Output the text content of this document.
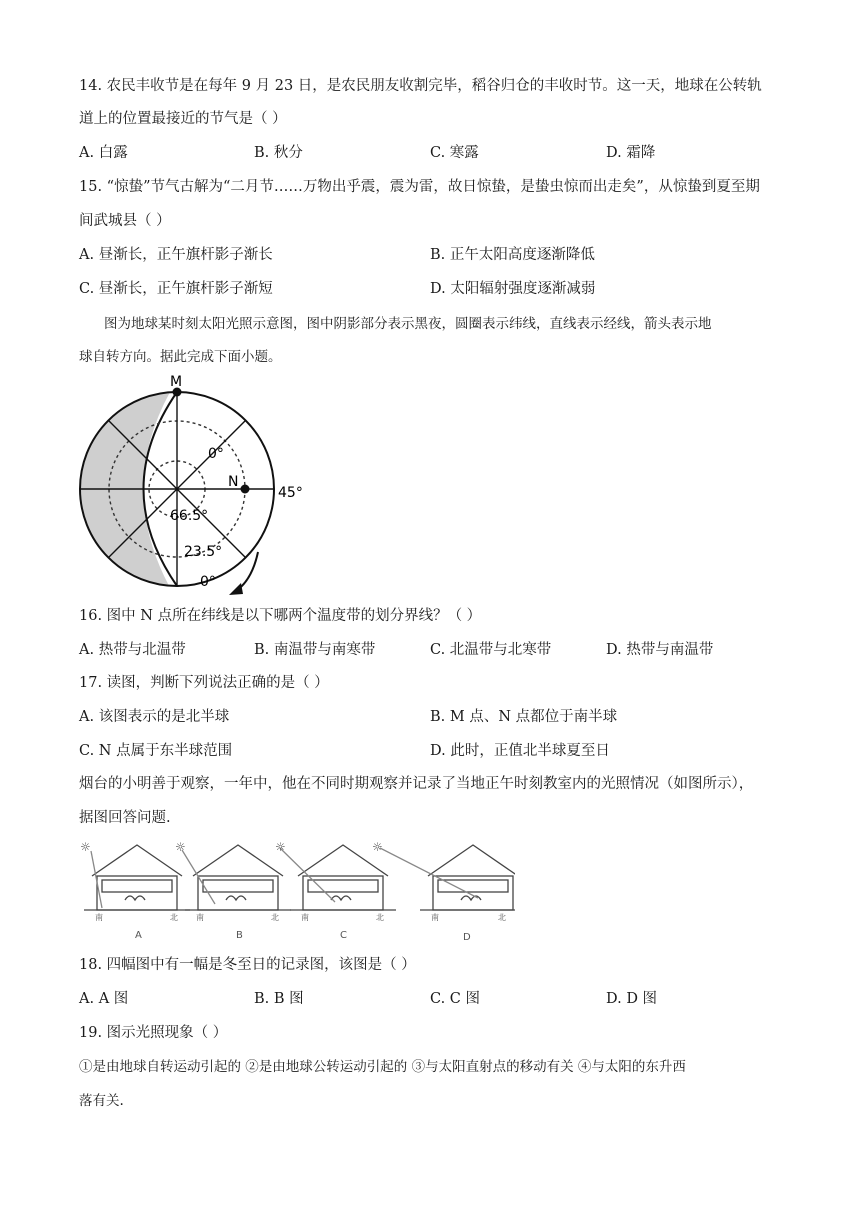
14. 农民丰收节是在每年 9 月 23 日，是农民朋友收割完毕，稻谷归仓的丰收时节。这一天，地球在公转轨
道上的位置最接近的节气是（ ）
A. 白露	B. 秋分	C. 寒露	D. 霜降
15. “惊蛰”节气古解为“二月节……万物出乎震，震为雷，故日惊蛰，是蛰虫惊而出走矣”，从惊蛰到夏至期
间武城县（ ）
A. 昼渐长，正午旗杆影子渐长	B. 正午太阳高度逐渐降低
C. 昼渐长，正午旗杆影子渐短	D. 太阳辐射强度逐渐减弱
图为地球某时刻太阳光照示意图，图中阴影部分表示黑夜，圆圈表示纬线，直线表示经线，箭头表示地
球自转方向。据此完成下面小题。
M
N
0°
45°
66.5°
23.5°
0°
16. 图中 N 点所在纬线是以下哪两个温度带的划分界线？（ ）
A. 热带与北温带	B. 南温带与南寒带	C. 北温带与北寒带	D. 热带与南温带
17. 读图，判断下列说法正确的是（ ）
A. 该图表示的是北半球	B. M 点、N 点都位于南半球
C. N 点属于东半球范围	D. 此时，正值北半球夏至日
烟台的小明善于观察，一年中，他在不同时期观察并记录了当地正午时刻教室内的光照情况（如图所示），
据图回答问题.
☼	☼	☼	☼
南	北 南	北	南	北	南	北
A	B	C	D
18. 四幅图中有一幅是冬至日的记录图，该图是（ ）
A. A 图	B. B 图	C. C 图	D. D 图
19. 图示光照现象（ ）
①是由地球自转运动引起的 ②是由地球公转运动引起的 ③与太阳直射点的移动有关 ④与太阳的东升西
落有关.
